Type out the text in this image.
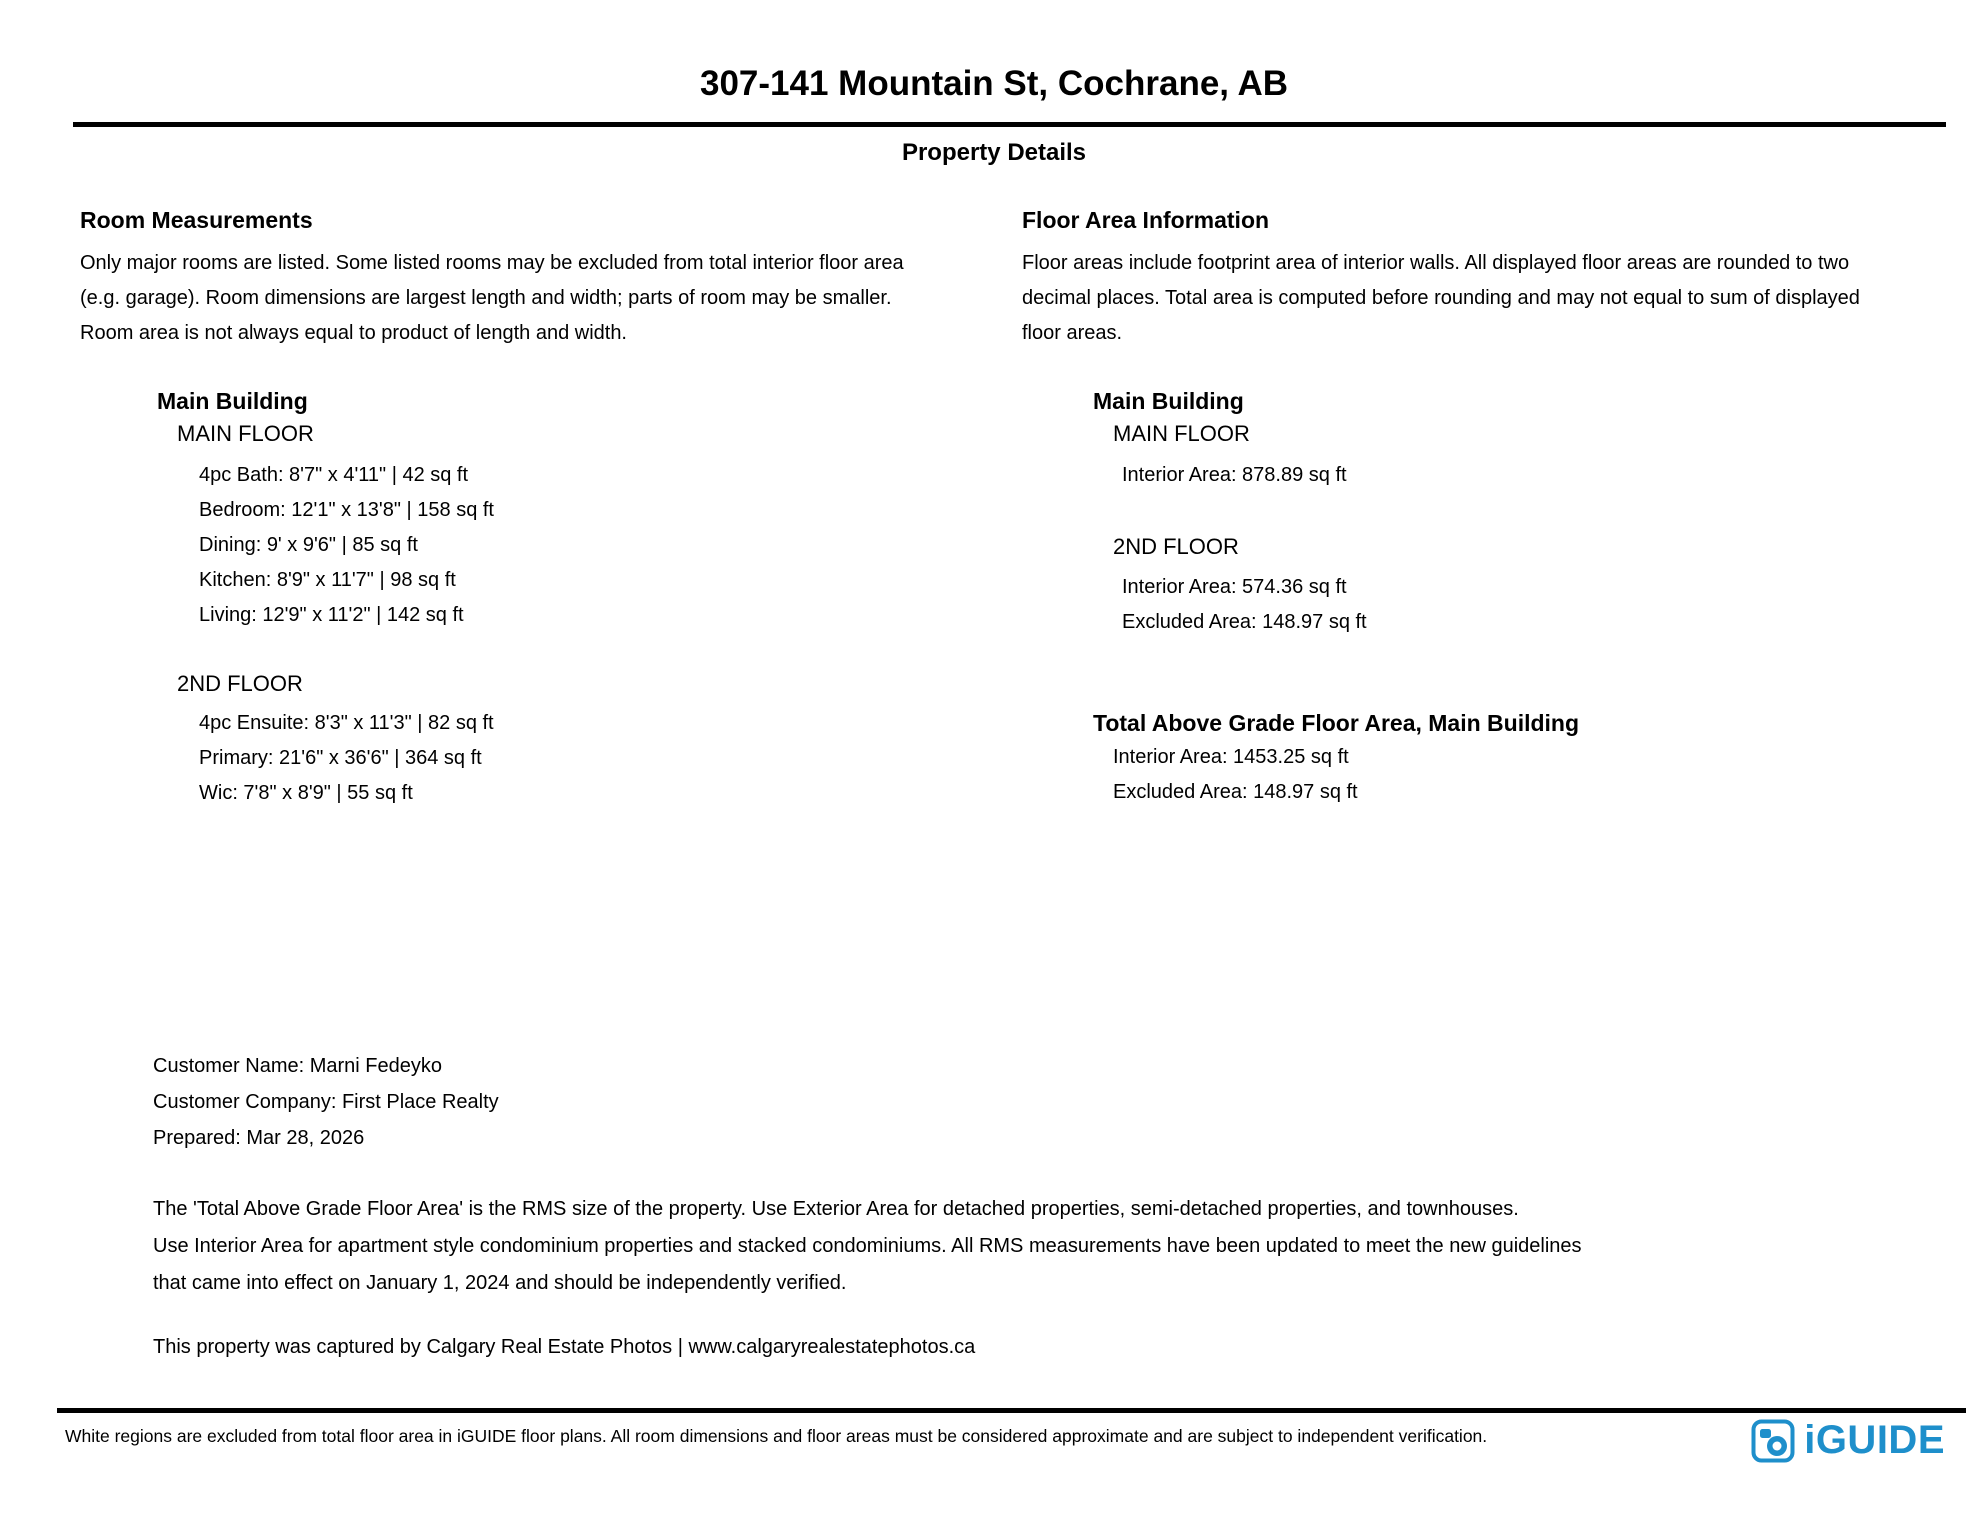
307-141 Mountain St, Cochrane, AB
Property Details
Room Measurements
Only major rooms are listed. Some listed rooms may be excluded from total interior floor area
(e.g. garage). Room dimensions are largest length and width; parts of room may be smaller.
Room area is not always equal to product of length and width.
Main Building
MAIN FLOOR
4pc Bath: 8'7" x 4'11" | 42 sq ft
Bedroom: 12'1" x 13'8" | 158 sq ft
Dining: 9' x 9'6" | 85 sq ft
Kitchen: 8'9" x 11'7" | 98 sq ft
Living: 12'9" x 11'2" | 142 sq ft
2ND FLOOR
4pc Ensuite: 8'3" x 11'3" | 82 sq ft
Primary: 21'6" x 36'6" | 364 sq ft
Wic: 7'8" x 8'9" | 55 sq ft
Floor Area Information
Floor areas include footprint area of interior walls. All displayed floor areas are rounded to two
decimal places. Total area is computed before rounding and may not equal to sum of displayed
floor areas.
Main Building
MAIN FLOOR
Interior Area: 878.89 sq ft
2ND FLOOR
Interior Area: 574.36 sq ft
Excluded Area: 148.97 sq ft
Total Above Grade Floor Area, Main Building
Interior Area: 1453.25 sq ft
Excluded Area: 148.97 sq ft
Customer Name: Marni Fedeyko
Customer Company: First Place Realty
Prepared: Mar 28, 2026
The 'Total Above Grade Floor Area' is the RMS size of the property. Use Exterior Area for detached properties, semi-detached properties, and townhouses.
Use Interior Area for apartment style condominium properties and stacked condominiums. All RMS measurements have been updated to meet the new guidelines
that came into effect on January 1, 2024 and should be independently verified.
This property was captured by Calgary Real Estate Photos | www.calgaryrealestatephotos.ca
White regions are excluded from total floor area in iGUIDE floor plans. All room dimensions and floor areas must be considered approximate and are subject to independent verification.	iGUIDE
